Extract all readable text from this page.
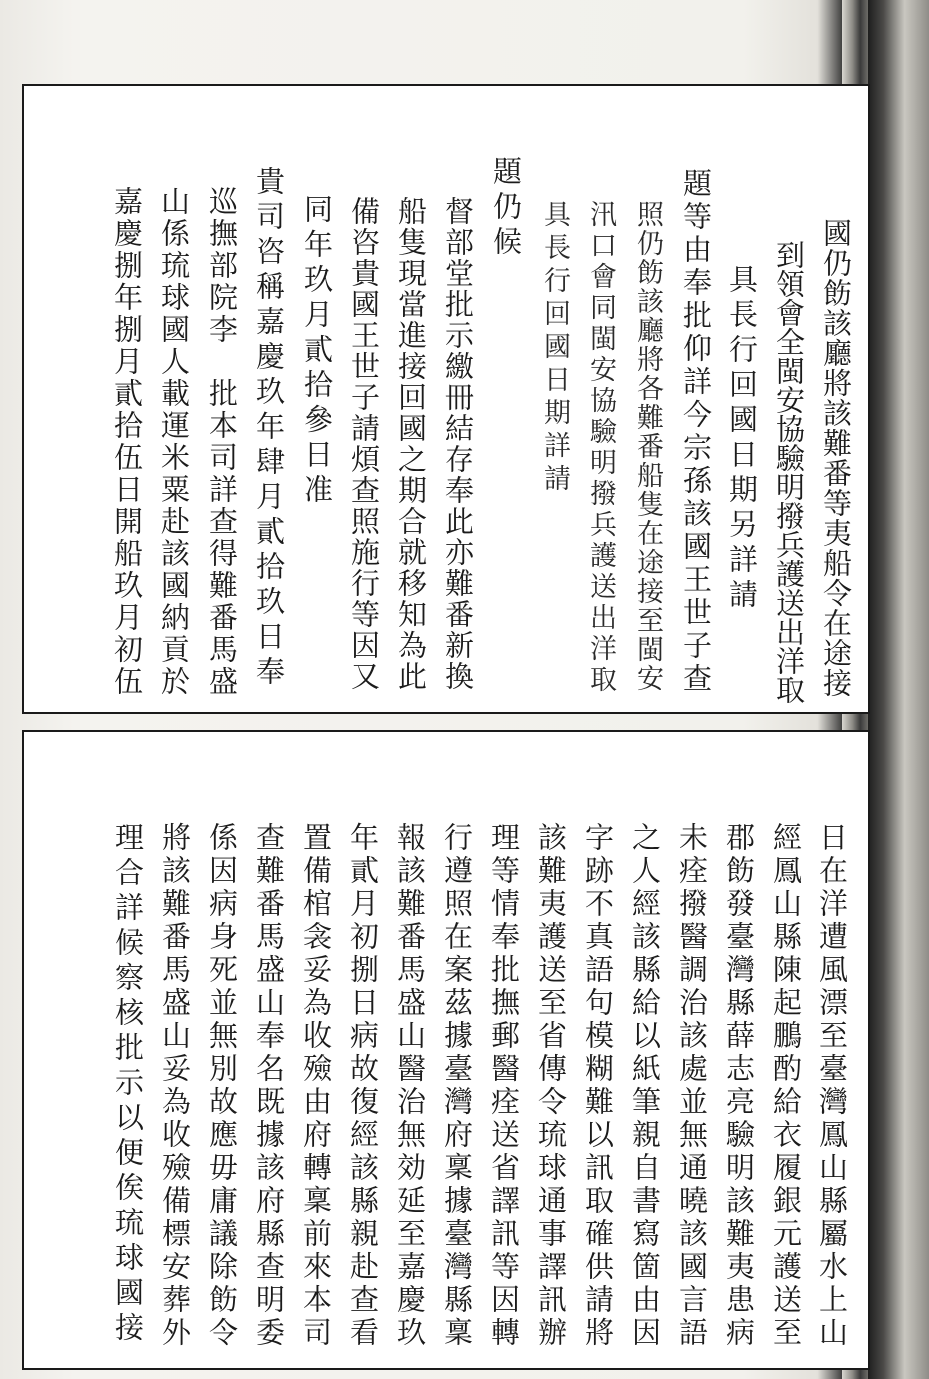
國仍飭該廳將該難番等夷船令在途接
到領會全閩安協驗明撥兵護送出洋取
具長行回國日期另詳請
題等由奉批仰詳今宗孫該國王世子查
照仍飭該廳將各難番船隻在途接至閩安
汛口會同閩安協驗明撥兵護送出洋取
具長行回國日期詳請
題仍候
督部堂批示繳冊結存奉此亦難番新換
船隻現當進接回國之期合就移知為此
備咨貴國王世子請煩查照施行等因又
同年玖月貳拾參日准
貴司咨稱嘉慶玖年肆月貳拾玖日奉
巡撫部院李　批本司詳查得難番馬盛
山係琉球國人載運米粟赴該國納貢於
嘉慶捌年捌月貳拾伍日開船玖月初伍
日在洋遭風漂至臺灣鳳山縣屬水上山
經鳳山縣陳起鵬酌給衣履銀元護送至
郡飭發臺灣縣薛志亮驗明該難夷患病
未痊撥醫調治該處並無通曉該國言語
之人經該縣給以紙筆親自書寫箇由因
字跡不真語句模糊難以訊取確供請將
該難夷護送至省傳令琉球通事譯訊辦
理等情奉批撫郵醫痊送省譯訊等因轉
行遵照在案茲據臺灣府稟據臺灣縣稟
報該難番馬盛山醫治無効延至嘉慶玖
年貳月初捌日病故復經該縣親赴查看
置備棺衾妥為收殮由府轉稟前來本司
查難番馬盛山奉名既據該府縣查明委
係因病身死並無別故應毋庸議除飭令
將該難番馬盛山妥為收殮備標安葬外
理合詳候察核批示以便俟琉球國接
